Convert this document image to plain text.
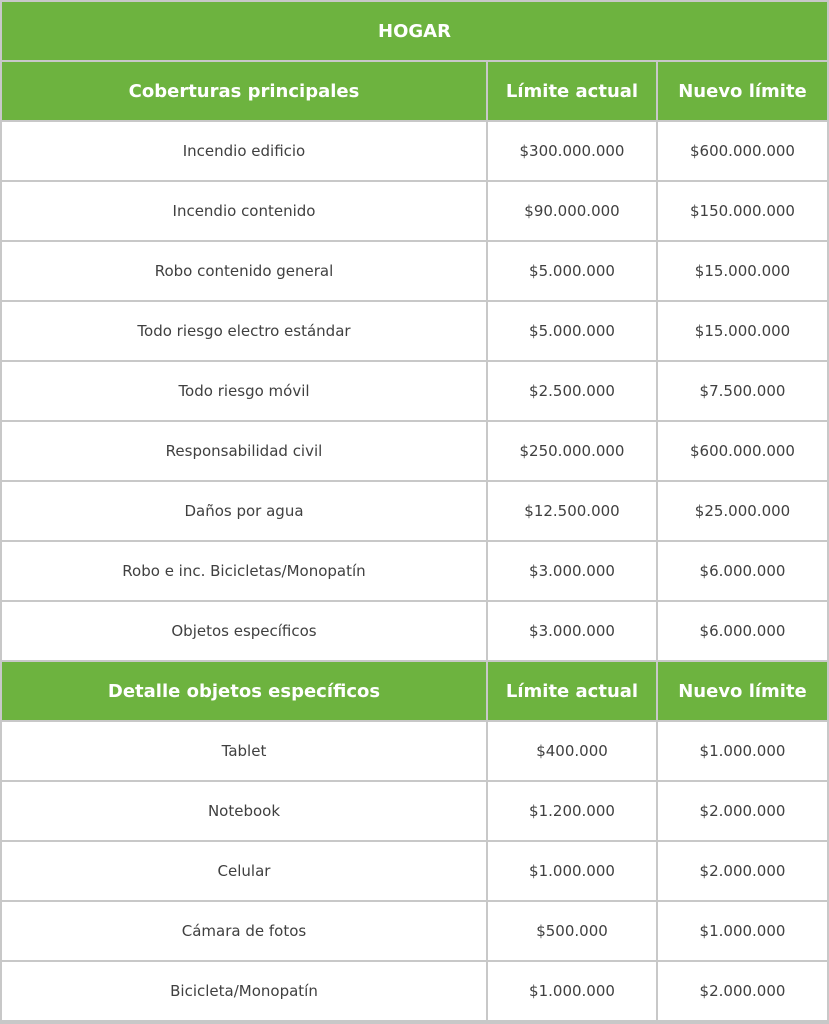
HOGAR
Coberturas principales	Límite actual	Nuevo límite
Incendio edificio	$300.000.000	$600.000.000
Incendio contenido	$90.000.000	$150.000.000
Robo contenido general	$5.000.000	$15.000.000
Todo riesgo electro estándar	$5.000.000	$15.000.000
Todo riesgo móvil	$2.500.000	$7.500.000
Responsabilidad civil	$250.000.000	$600.000.000
Daños por agua	$12.500.000	$25.000.000
Robo e inc. Bicicletas/Monopatín	$3.000.000	$6.000.000
Objetos específicos	$3.000.000	$6.000.000
Detalle objetos específicos	Límite actual	Nuevo límite
Tablet	$400.000	$1.000.000
Notebook	$1.200.000	$2.000.000
Celular	$1.000.000	$2.000.000
Cámara de fotos	$500.000	$1.000.000
Bicicleta/Monopatín	$1.000.000	$2.000.000
